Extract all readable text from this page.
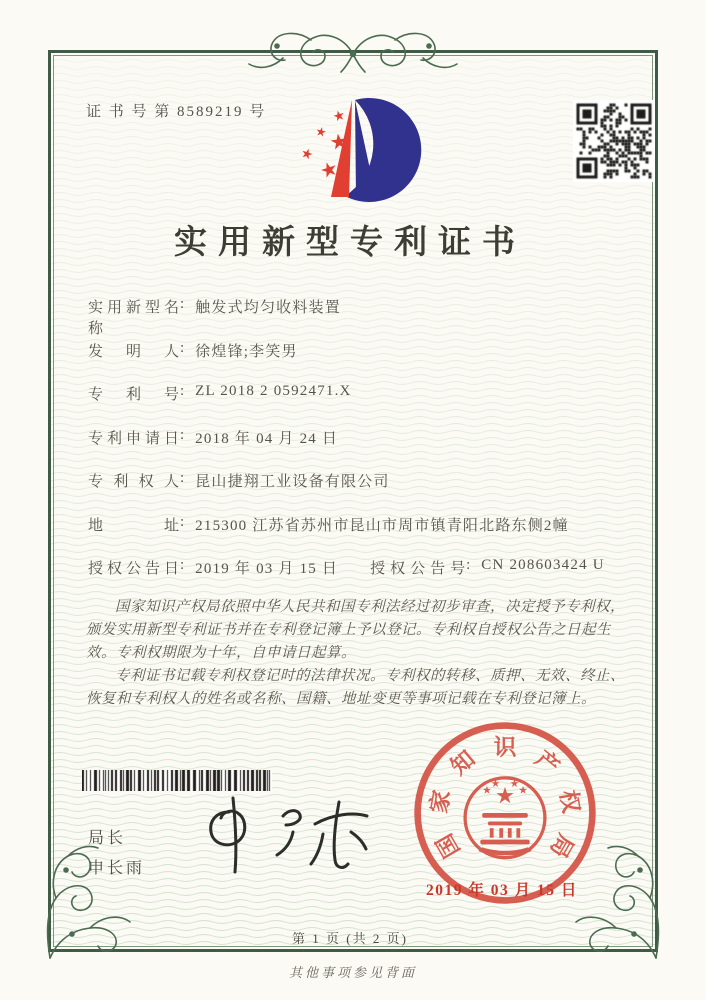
证 书 号 第 8589219 号
实用新型专利证书
实用新型名称
: 触发式均匀收料装置
发明人 : 徐煌锋;李笑男
专利号 : ZL 2018 2 0592471.X
专利申请日 : 2018 年 04 月 24 日
专利权人 : 昆山捷翔工业设备有限公司
地址 : 215300 江苏省苏州市昆山市周市镇青阳北路东侧2幢
授权公告日 : 2019 年 03 月 15 日 授权公告号 : CN 208603424 U

国家知识产权局依照中华人民共和国专利法经过初步审查，决定授予专利权，颁发实用新型专利证书并在专利登记簿上予以登记。专利权自授权公告之日起生效。专利权期限为十年，自申请日起算。

专利证书记载专利权登记时的法律状况。专利权的转移、质押、无效、终止、恢复和专利权人的姓名或名称、国籍、地址变更等事项记载在专利登记簿上。

局长
申长雨
国
家
知 识 产
权
局
2019 年 03 月 15 日
第 1 页 (共 2 页)
其他事项参见背面
